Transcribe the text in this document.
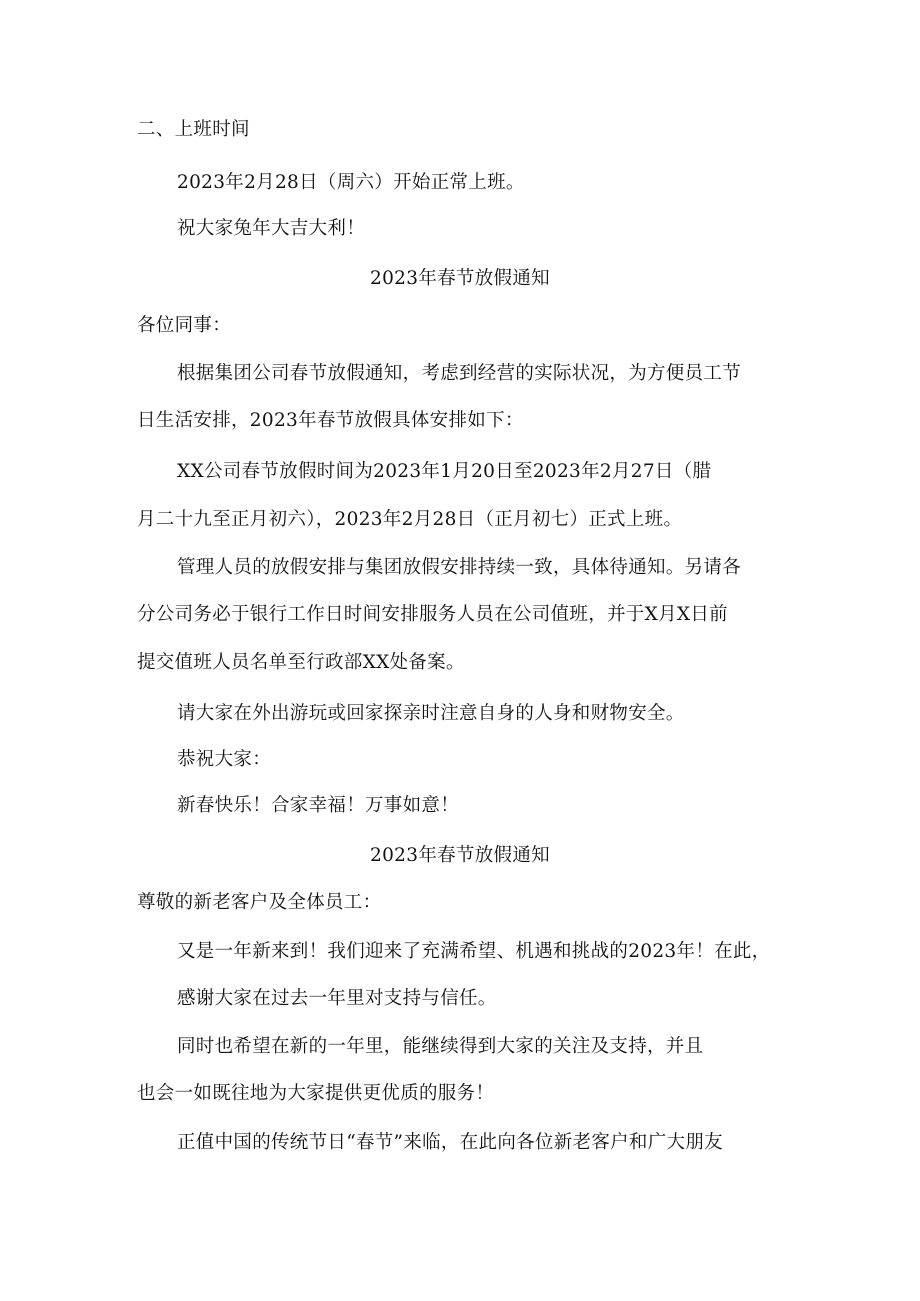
二、上班时间
2023年2月28日（周六）开始正常上班。
祝大家兔年大吉大利！
2023年春节放假通知
各位同事：
根据集团公司春节放假通知，考虑到经营的实际状况，为方便员工节
日生活安排，2023年春节放假具体安排如下：
XX公司春节放假时间为2023年1月20日至2023年2月27日（腊
月二十九至正月初六），2023年2月28日（正月初七）正式上班。
管理人员的放假安排与集团放假安排持续一致，具体待通知。另请各
分公司务必于银行工作日时间安排服务人员在公司值班，并于X月X日前
提交值班人员名单至行政部XX处备案。
请大家在外出游玩或回家探亲时注意自身的人身和财物安全。
恭祝大家：
新春快乐！合家幸福！万事如意！
2023年春节放假通知
尊敬的新老客户及全体员工：
又是一年新来到！我们迎来了充满希望、机遇和挑战的2023年！在此，
感谢大家在过去一年里对支持与信任。
同时也希望在新的一年里，能继续得到大家的关注及支持，并且
也会一如既往地为大家提供更优质的服务！
正值中国的传统节日“春节”来临，在此向各位新老客户和广大朋友
